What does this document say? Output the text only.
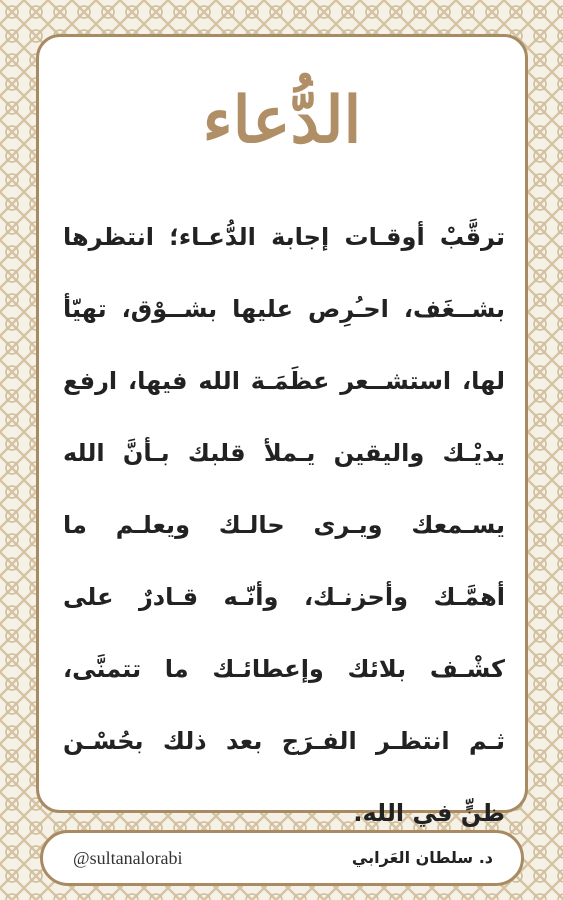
الدُّعاء
ترقَّبْ أوقـات إجابة الدُّعـاء؛ انتظرها
بشــغَف، احـُرِص عليها بشــوْق، تهيّأ
لها، استشــعر عظَمَـة الله فيها، ارفع
يديْـك واليقين يـملأ قلبك بـأنَّ الله
يسـمعك ويـرى حالـك ويعلـم ما
أهمَّـك وأحزنـك، وأنّـه قـادرٌ على
كشْـف بلائك وإعطائـك ما تتمنَّى،
ثـم انتظـر الفـرَج بعد ذلك بحُسْـن
ظنٍّ في الله.
@sultanalorabi	د. سلطان العَرابي
